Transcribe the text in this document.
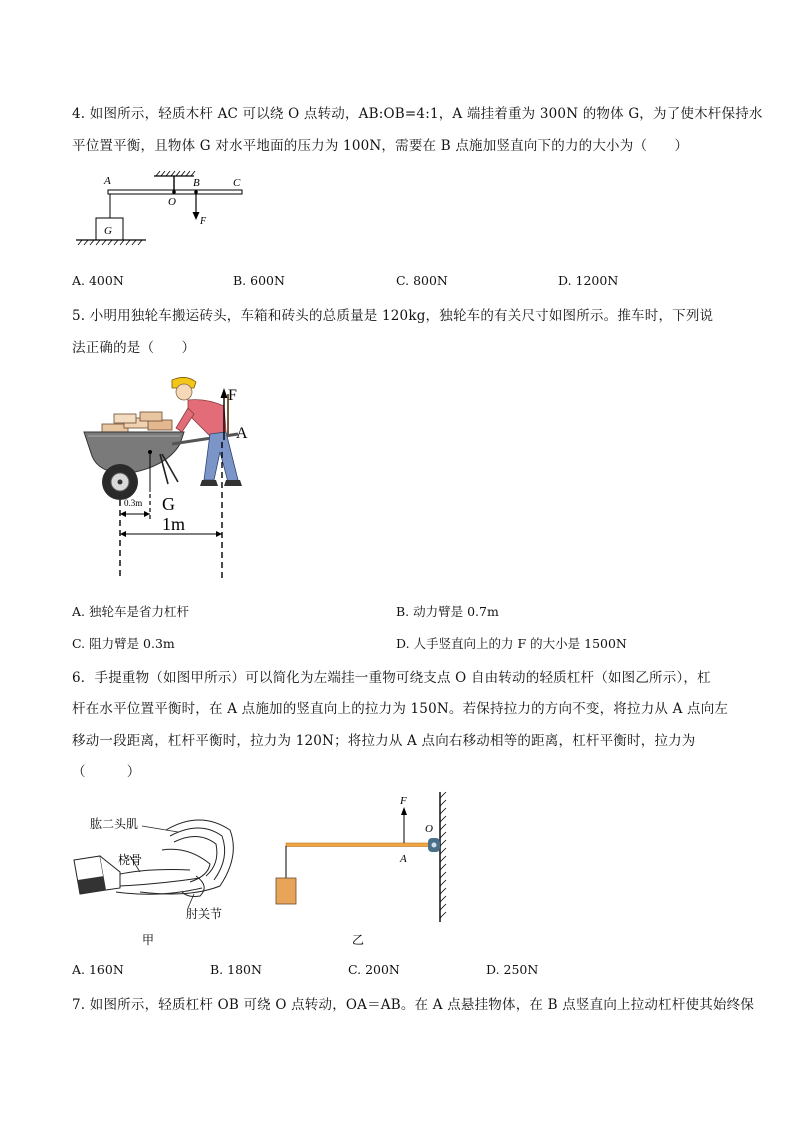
4. 如图所示，轻质木杆 AC 可以绕 O 点转动，AB:OB=4:1，A 端挂着重为 300N 的物体 G，为了使木杆保持水
平位置平衡，且物体 G 对水平地面的压力为 100N，需要在 B 点施加竖直向下的力的大小为（　　）
A
O
B	C
F
G
A. 400N	B. 600N	C. 800N	D. 1200N
5. 小明用独轮车搬运砖头，车箱和砖头的总质量是 120kg，独轮车的有关尺寸如图所示。推车时，下列说
法正确的是（　　）
F
A
G
0.3m
1m
A. 独轮车是省力杠杆	B. 动力臂是 0.7m
C. 阻力臂是 0.3m	D. 人手竖直向上的力 F 的大小是 1500N
6．手提重物（如图甲所示）可以简化为左端挂一重物可绕支点 O 自由转动的轻质杠杆（如图乙所示），杠
杆在水平位置平衡时，在 A 点施加的竖直向上的拉力为 150N。若保持拉力的方向不变，将拉力从 A 点向左
移动一段距离，杠杆平衡时，拉力为 120N；将拉力从 A 点向右移动相等的距离，杠杆平衡时，拉力为
（　　　）
肱二头肌
桡骨
肘关节
甲
F
O
A
乙
A. 160N	B. 180N	C. 200N	D. 250N
7. 如图所示，轻质杠杆 OB 可绕 O 点转动，OA＝AB。在 A 点悬挂物体，在 B 点竖直向上拉动杠杆使其始终保
